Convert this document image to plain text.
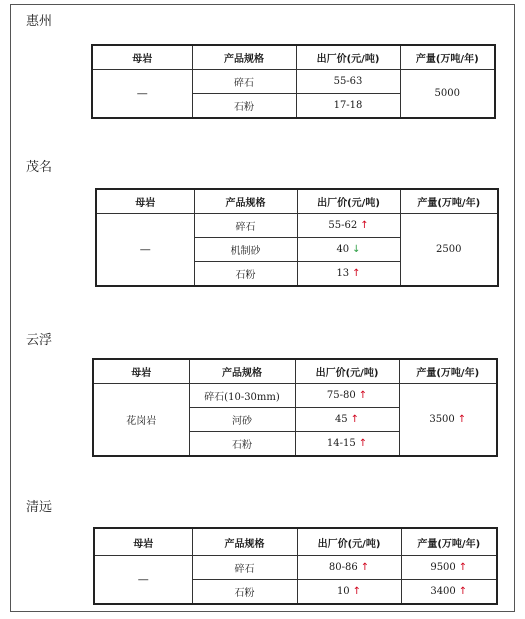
惠州
母岩	产品规格	出厂价(元/吨)	产量(万吨/年)
—	碎石	55-63	5000
	石粉	17-18	
茂名
母岩	产品规格	出厂价(元/吨)	产量(万吨/年)
—	碎石	55-62 ↑	2500
	机制砂	40 ↓	
	石粉	13 ↑	
云浮
母岩	产品规格	出厂价(元/吨)	产量(万吨/年)
花岗岩	碎石(10-30mm)	75-80 ↑	3500 ↑
	河砂	45 ↑	
	石粉	14-15 ↑	
清远
母岩	产品规格	出厂价(元/吨)	产量(万吨/年)
—	碎石	80-86 ↑	9500 ↑
	石粉	10 ↑	3400 ↑
